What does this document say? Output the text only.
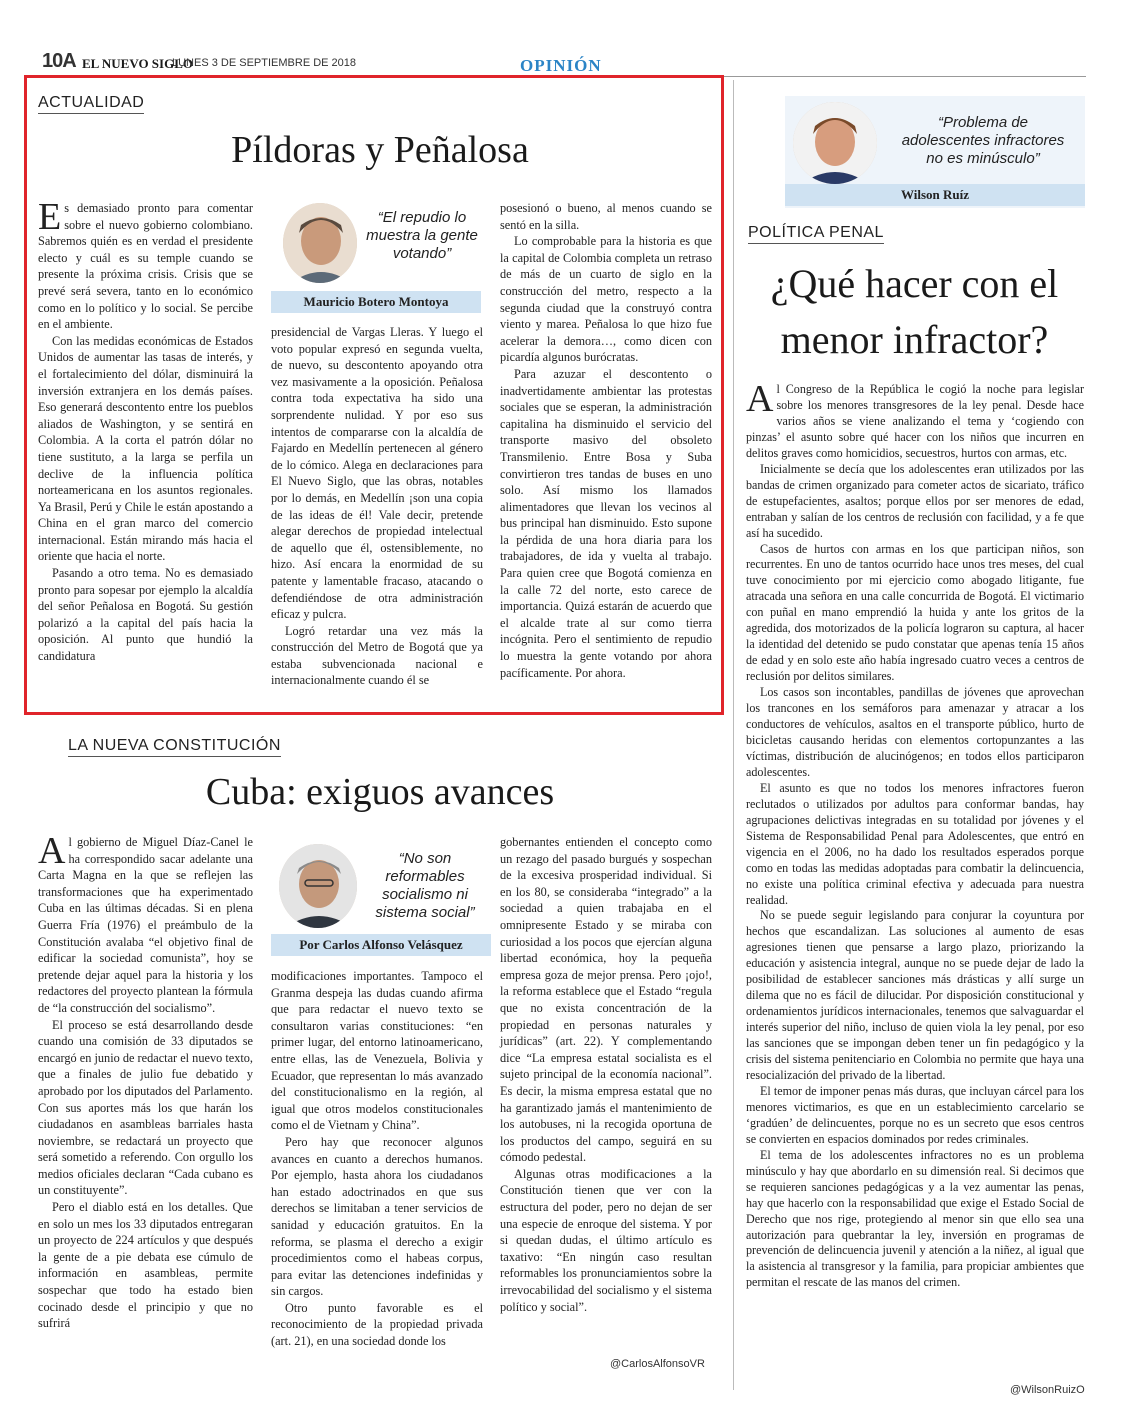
10A EL NUEVO SIGLO
LUNES 3 DE SEPTIEMBRE DE 2018	OPINIÓN
ACTUALIDAD
Píldoras y Peñalosa

Es demasiado pronto para comentar sobre el nuevo gobierno colombiano. Sabremos quién es en verdad el presidente electo y cuál es su temple cuando se presente la próxima crisis. Crisis que se prevé será severa, tanto en lo económico como en lo político y lo social. Se percibe en el ambiente.

Con las medidas económicas de Estados Unidos de aumentar las tasas de interés, y el fortalecimiento del dólar, disminuirá la inversión extranjera en los demás países. Eso generará descontento entre los pueblos aliados de Washington, y se sentirá en Colombia. A la corta el patrón dólar no tiene sustituto, a la larga se perfila un declive de la influencia política norteamericana en los asuntos regionales. Ya Brasil, Perú y Chile le están apostando a China en el gran marco del comercio internacional. Están mirando más hacia el oriente que hacia el norte.

Pasando a otro tema. No es demasiado pronto para sopesar por ejemplo la alcaldía del señor Peñalosa en Bogotá. Su gestión polarizó a la capital del país hacia la oposición. Al punto que hundió la candidatura

“El repudio lo muestra la gente votando”
Mauricio Botero Montoya

presidencial de Vargas Lleras. Y luego el voto popular expresó en segunda vuelta, de nuevo, su descontento apoyando otra vez masivamente a la oposición. Peñalosa contra toda expectativa ha sido una sorprendente nulidad. Y por eso sus intentos de compararse con la alcaldía de Fajardo en Medellín pertenecen al género de lo cómico. Alega en declaraciones para El Nuevo Siglo, que las obras, notables por lo demás, en Medellín ¡son una copia de las ideas de él! Vale decir, pretende alegar derechos de propiedad intelectual de aquello que él, ostensiblemente, no hizo. Así encara la enormidad de su patente y lamentable fracaso, atacando o defendiéndose de otra administración eficaz y pulcra.

Logró retardar una vez más la construcción del Metro de Bogotá que ya estaba subvencionada nacional e internacionalmente cuando él se

posesionó o bueno, al menos cuando se sentó en la silla.

Lo comprobable para la historia es que la capital de Colombia completa un retraso de más de un cuarto de siglo en la construcción del metro, respecto a la segunda ciudad que la construyó contra viento y marea. Peñalosa lo que hizo fue acelerar la demora…, como dicen con picardía algunos burócratas.

Para azuzar el descontento o inadvertidamente ambientar las protestas sociales que se esperan, la administración capitalina ha disminuido el servicio del transporte masivo del obsoleto Transmilenio. Entre Bosa y Suba convirtieron tres tandas de buses en uno solo. Así mismo los llamados alimentadores que llevan los vecinos al bus principal han disminuido. Esto supone la pérdida de una hora diaria para los trabajadores, de ida y vuelta al trabajo. Para quien cree que Bogotá comienza en la calle 72 del norte, esto carece de importancia. Quizá estarán de acuerdo que el alcalde trate al sur como tierra incógnita. Pero el sentimiento de repudio lo muestra la gente votando por ahora pacíficamente. Por ahora.

LA NUEVA CONSTITUCIÓN
Cuba: exiguos avances

Al gobierno de Miguel Díaz-Canel le ha correspondido sacar adelante una Carta Magna en la que se reflejen las transformaciones que ha experimentado Cuba en las últimas décadas. Si en plena Guerra Fría (1976) el preámbulo de la Constitución avalaba “el objetivo final de edificar la sociedad comunista”, hoy se pretende dejar aquel para la historia y los redactores del proyecto plantean la fórmula de “la construcción del socialismo”.

El proceso se está desarrollando desde cuando una comisión de 33 diputados se encargó en junio de redactar el nuevo texto, que a finales de julio fue debatido y aprobado por los diputados del Parlamento. Con sus aportes más los que harán los ciudadanos en asambleas barriales hasta noviembre, se redactará un proyecto que será sometido a referendo. Con orgullo los medios oficiales declaran “Cada cubano es un constituyente”.

Pero el diablo está en los detalles. Que en solo un mes los 33 diputados entregaran un proyecto de 224 artículos y que después la gente de a pie debata ese cúmulo de información en asambleas, permite sospechar que todo ha estado bien cocinado desde el principio y que no sufrirá

“No son reformables socialismo ni sistema social”
Por Carlos Alfonso Velásquez

modificaciones importantes. Tampoco el Granma despeja las dudas cuando afirma que para redactar el nuevo texto se consultaron varias constituciones: “en primer lugar, del entorno latinoamericano, entre ellas, las de Venezuela, Bolivia y Ecuador, que representan lo más avanzado del constitucionalismo en la región, al igual que otros modelos constitucionales como el de Vietnam y China”.

Pero hay que reconocer algunos avances en cuanto a derechos humanos. Por ejemplo, hasta ahora los ciudadanos han estado adoctrinados en que sus derechos se limitaban a tener servicios de sanidad y educación gratuitos. En la reforma, se plasma el derecho a exigir procedimientos como el habeas corpus, para evitar las detenciones indefinidas y sin cargos.

Otro punto favorable es el reconocimiento de la propiedad privada (art. 21), en una sociedad donde los

gobernantes entienden el concepto como un rezago del pasado burgués y sospechan de la excesiva prosperidad individual. Si en los 80, se consideraba “integrado” a la sociedad a quien trabajaba en el omnipresente Estado y se miraba con curiosidad a los pocos que ejercían alguna libertad económica, hoy la pequeña empresa goza de mejor prensa. Pero ¡ojo!, la reforma establece que el Estado “regula que no exista concentración de la propiedad en personas naturales y jurídicas” (art. 22). Y complementando dice “La empresa estatal socialista es el sujeto principal de la economía nacional”. Es decir, la misma empresa estatal que no ha garantizado jamás el mantenimiento de los autobuses, ni la recogida oportuna de los productos del campo, seguirá en su cómodo pedestal.

Algunas otras modificaciones a la Constitución tienen que ver con la estructura del poder, pero no dejan de ser una especie de enroque del sistema. Y por si quedan dudas, el último artículo es taxativo: “En ningún caso resultan reformables los pronunciamientos sobre la irrevocabilidad del socialismo y el sistema político y social”.

@CarlosAlfonsoVR
“Problema de adolescentes infractores no es minúsculo”
Wilson Ruíz
POLÍTICA PENAL
¿Qué hacer con el menor infractor?

Al Congreso de la República le cogió la noche para legislar sobre los menores transgresores de la ley penal. Desde hace varios años se viene analizando el tema y ‘cogiendo con pinzas’ el asunto sobre qué hacer con los niños que incurren en delitos graves como homicidios, secuestros, hurtos con armas, etc.

Inicialmente se decía que los adolescentes eran utilizados por las bandas de crimen organizado para cometer actos de sicariato, tráfico de estupefacientes, asaltos; porque ellos por ser menores de edad, entraban y salían de los centros de reclusión con facilidad, y a fe que así ha sucedido.

Casos de hurtos con armas en los que participan niños, son recurrentes. En uno de tantos ocurrido hace unos tres meses, del cual tuve conocimiento por mi ejercicio como abogado litigante, fue atracada una señora en una calle concurrida de Bogotá. El victimario con puñal en mano emprendió la huida y ante los gritos de la agredida, dos motorizados de la policía lograron su captura, al hacer la identidad del detenido se pudo constatar que apenas tenía 15 años de edad y en solo este año había ingresado cuatro veces a centros de reclusión por delitos similares.

Los casos son incontables, pandillas de jóvenes que aprovechan los trancones en los semáforos para amenazar y atracar a los conductores de vehículos, asaltos en el transporte público, hurto de bicicletas causando heridas con elementos cortopunzantes a las víctimas, distribución de alucinógenos; en todos ellos participaron adolescentes.

El asunto es que no todos los menores infractores fueron reclutados o utilizados por adultos para conformar bandas, hay agrupaciones delictivas integradas en su totalidad por jóvenes y el Sistema de Responsabilidad Penal para Adolescentes, que entró en vigencia en el 2006, no ha dado los resultados esperados porque como en todas las medidas adoptadas para combatir la delincuencia, no existe una política criminal efectiva y adecuada para nuestra realidad.

No se puede seguir legislando para conjurar la coyuntura por hechos que escandalizan. Las soluciones al aumento de esas agresiones tienen que pensarse a largo plazo, priorizando la educación y asistencia integral, aunque no se puede dejar de lado la posibilidad de establecer sanciones más drásticas y allí surge un dilema que no es fácil de dilucidar. Por disposición constitucional y ordenamientos jurídicos internacionales, tenemos que salvaguardar el interés superior del niño, incluso de quien viola la ley penal, por eso las sanciones que se impongan deben tener un fin pedagógico y la crisis del sistema penitenciario en Colombia no permite que haya una resocialización del privado de la libertad.

El temor de imponer penas más duras, que incluyan cárcel para los menores victimarios, es que en un establecimiento carcelario se ‘gradúen’ de delincuentes, porque no es un secreto que esos centros se convierten en espacios dominados por redes criminales.

El tema de los adolescentes infractores no es un problema minúsculo y hay que abordarlo en su dimensión real. Si decimos que se requieren sanciones pedagógicas y a la vez aumentar las penas, hay que hacerlo con la responsabilidad que exige el Estado Social de Derecho que nos rige, protegiendo al menor sin que ello sea una autorización para quebrantar la ley, inversión en programas de prevención de delincuencia juvenil y atención a la niñez, al igual que la asistencia al transgresor y la familia, para propiciar ambientes que permitan el rescate de las manos del crimen.

@WilsonRuizO
